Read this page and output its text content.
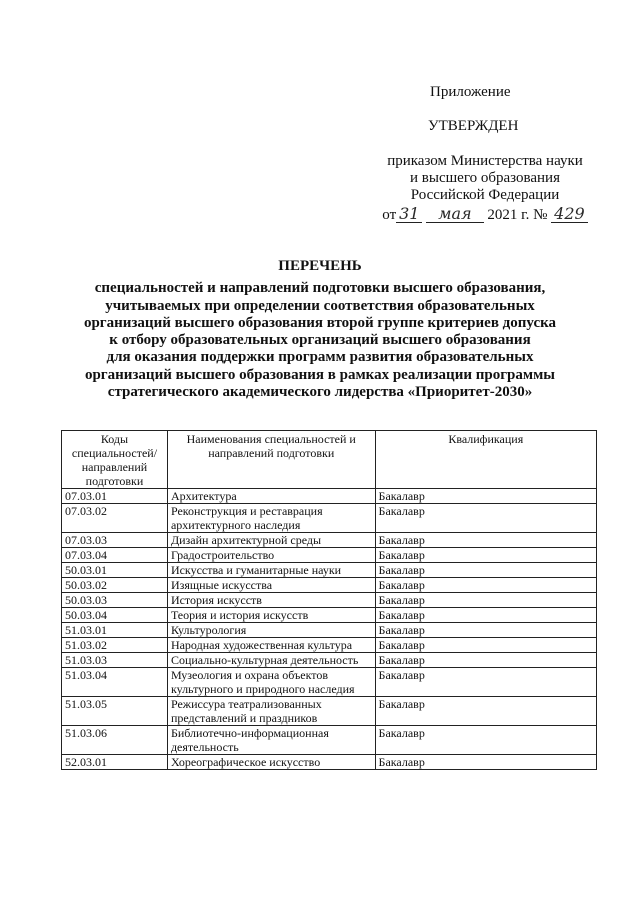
Приложение
УТВЕРЖДЕН
приказом Министерства науки
и высшего образования
Российской Федерации
от 31 мая 2021 г. № 429
ПЕРЕЧЕНЬ
специальностей и направлений подготовки высшего образования,
учитываемых при определении соответствия образовательных
организаций высшего образования второй группе критериев допуска
к отбору образовательных организаций высшего образования
для оказания поддержки программ развития образовательных
организаций высшего образования в рамках реализации программы
стратегического академического лидерства «Приоритет-2030»
Коды специальностей/ направлений подготовки	Наименования специальностей и направлений подготовки	Квалификация
07.03.01	Архитектура	Бакалавр
07.03.02	Реконструкция и реставрация архитектурного наследия	Бакалавр
07.03.03	Дизайн архитектурной среды	Бакалавр
07.03.04	Градостроительство	Бакалавр
50.03.01	Искусства и гуманитарные науки	Бакалавр
50.03.02	Изящные искусства	Бакалавр
50.03.03	История искусств	Бакалавр
50.03.04	Теория и история искусств	Бакалавр
51.03.01	Культурология	Бакалавр
51.03.02	Народная художественная культура	Бакалавр
51.03.03	Социально-культурная деятельность	Бакалавр
51.03.04	Музеология и охрана объектов культурного и природного наследия	Бакалавр
51.03.05	Режиссура театрализованных представлений и праздников	Бакалавр
51.03.06	Библиотечно-информационная деятельность	Бакалавр
52.03.01	Хореографическое искусство	Бакалавр
